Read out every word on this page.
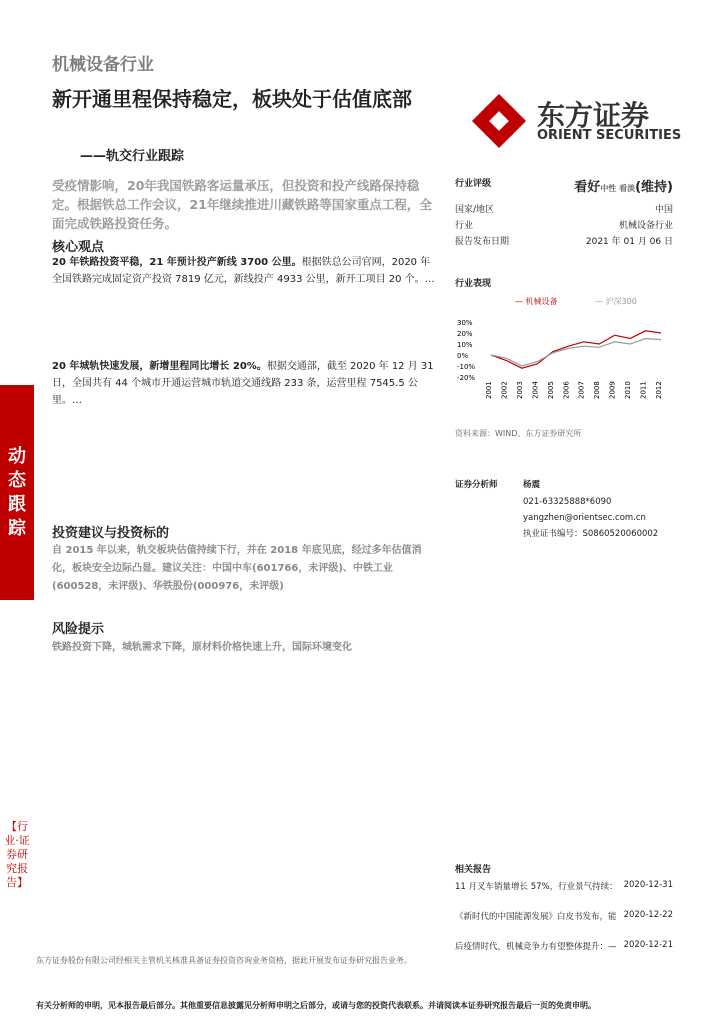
机械设备行业
新开通里程保持稳定，板块处于估值底部
——轨交行业跟踪
东方证券
ORIENT SECURITIES
受疫情影响，20年我国铁路客运量承压，但投资和投产线路保持稳定。根据铁总工作会议，21年继续推进川藏铁路等国家重点工程，全面完成铁路投资任务。
核心观点
20 年铁路投资平稳，21 年预计投产新线 3700 公里。根据铁总公司官网，2020 年全国铁路完成固定资产投资 7819 亿元，新线投产 4933 公里，新开工项目 20 个。…
20 年城轨快速发展，新增里程同比增长 20%。根据交通部，截至 2020 年 12 月 31 日，全国共有 44 个城市开通运营城市轨道交通线路 233 条，运营里程 7545.5 公里。…
投资建议与投资标的
自 2015 年以来，轨交板块估值持续下行，并在 2018 年底见底，经过多年估值消化，板块安全边际凸显。建议关注：中国中车(601766，未评级)、中铁工业(600528，未评级)、华铁股份(000976，未评级)
风险提示
铁路投资下降，城轨需求下降，原材料价格快速上升，国际环境变化
动态跟踪
【行业·证券研究报告】
行业评级	看好中性 看淡(维持)
国家/地区	中国
行业	机械设备行业
报告发布日期	2021 年 01 月 06 日
行业表现
— 机械设备	— 沪深300
30%
20%
10%
0%
-10%
-20%
2001 2002 2003 2004 2005 2006 2007 2008 2009 2010 2011 2012
资料来源：WIND、东方证券研究所
证券分析师	杨震
021-63325888*6090
yangzhen@orientsec.com.cn
执业证书编号：S0860520060002
相关报告
11 月叉车销量增长 57%，行业景气持续： 2020-12-31
《新时代的中国能源发展》白皮书发布，能 2020-12-22
后疫情时代，机械竞争力有望整体提升：— 2020-12-21
东方证券股份有限公司经相关主管机关核准具备证券投资咨询业务资格，据此开展发布证券研究报告业务。
有关分析师的申明，见本报告最后部分。其他重要信息披露见分析师申明之后部分，或请与您的投资代表联系。并请阅读本证券研究报告最后一页的免责申明。
